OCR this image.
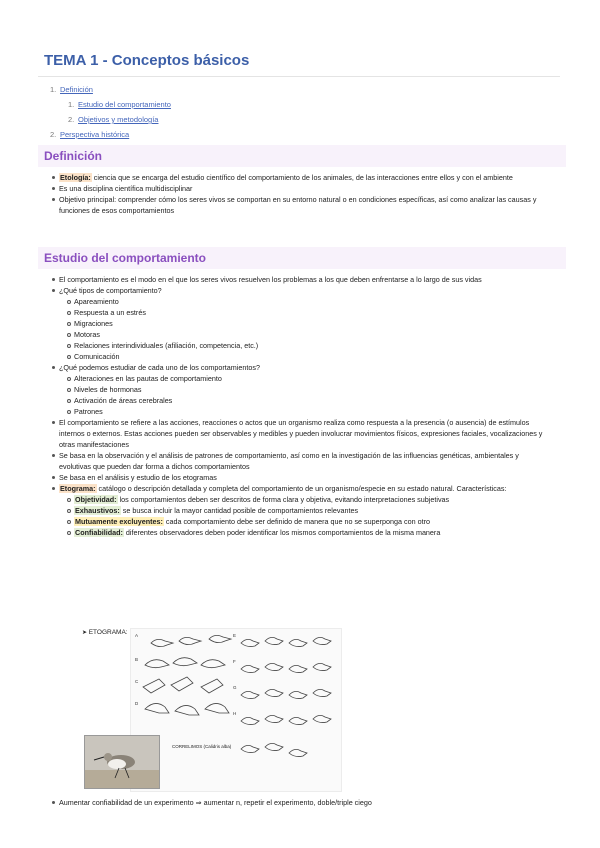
TEMA 1 - Conceptos básicos
1. Definición
1. Estudio del comportamiento
2. Objetivos y metodología
2. Perspectiva histórica
Definición
Etología: ciencia que se encarga del estudio científico del comportamiento de los animales, de las interacciones entre ellos y con el ambiente
Es una disciplina científica multidisciplinar
Objetivo principal: comprender cómo los seres vivos se comportan en su entorno natural o en condiciones específicas, así como analizar las causas y funciones de esos comportamientos
Estudio del comportamiento
El comportamiento es el modo en el que los seres vivos resuelven los problemas a los que deben enfrentarse a lo largo de sus vidas
¿Qué tipos de comportamiento?
Apareamiento
Respuesta a un estrés
Migraciones
Motoras
Relaciones interindividuales (afiliación, competencia, etc.)
Comunicación
¿Qué podemos estudiar de cada uno de los comportamientos?
Alteraciones en las pautas de comportamiento
Niveles de hormonas
Activación de áreas cerebrales
Patrones
El comportamiento se refiere a las acciones, reacciones o actos que un organismo realiza como respuesta a la presencia (o ausencia) de estímulos internos o externos. Estas acciones pueden ser observables y medibles y pueden involucrar movimientos físicos, expresiones faciales, vocalizaciones y otras manifestaciones
Se basa en la observación y el análisis de patrones de comportamiento, así como en la investigación de las influencias genéticas, ambientales y evolutivas que pueden dar forma a dichos comportamientos
Se basa en el análisis y estudio de los etogramas
Etograma: catálogo o descripción detallada y completa del comportamiento de un organismo/especie en su estado natural. Características:
Objetividad: los comportamientos deben ser descritos de forma clara y objetiva, evitando interpretaciones subjetivas
Exhaustivos: se busca incluir la mayor cantidad posible de comportamientos relevantes
Mutuamente excluyentes: cada comportamiento debe ser definido de manera que no se superponga con otro
Confiabilidad: diferentes observadores deben poder identificar los mismos comportamientos de la misma manera
➤ ETOGRAMA: A
B
C
D
E
F
G
H
CORRELIMOS (Calidris alba)
Aumentar confiabilidad de un experimento ⇒ aumentar n, repetir el experimento, doble/triple ciego
